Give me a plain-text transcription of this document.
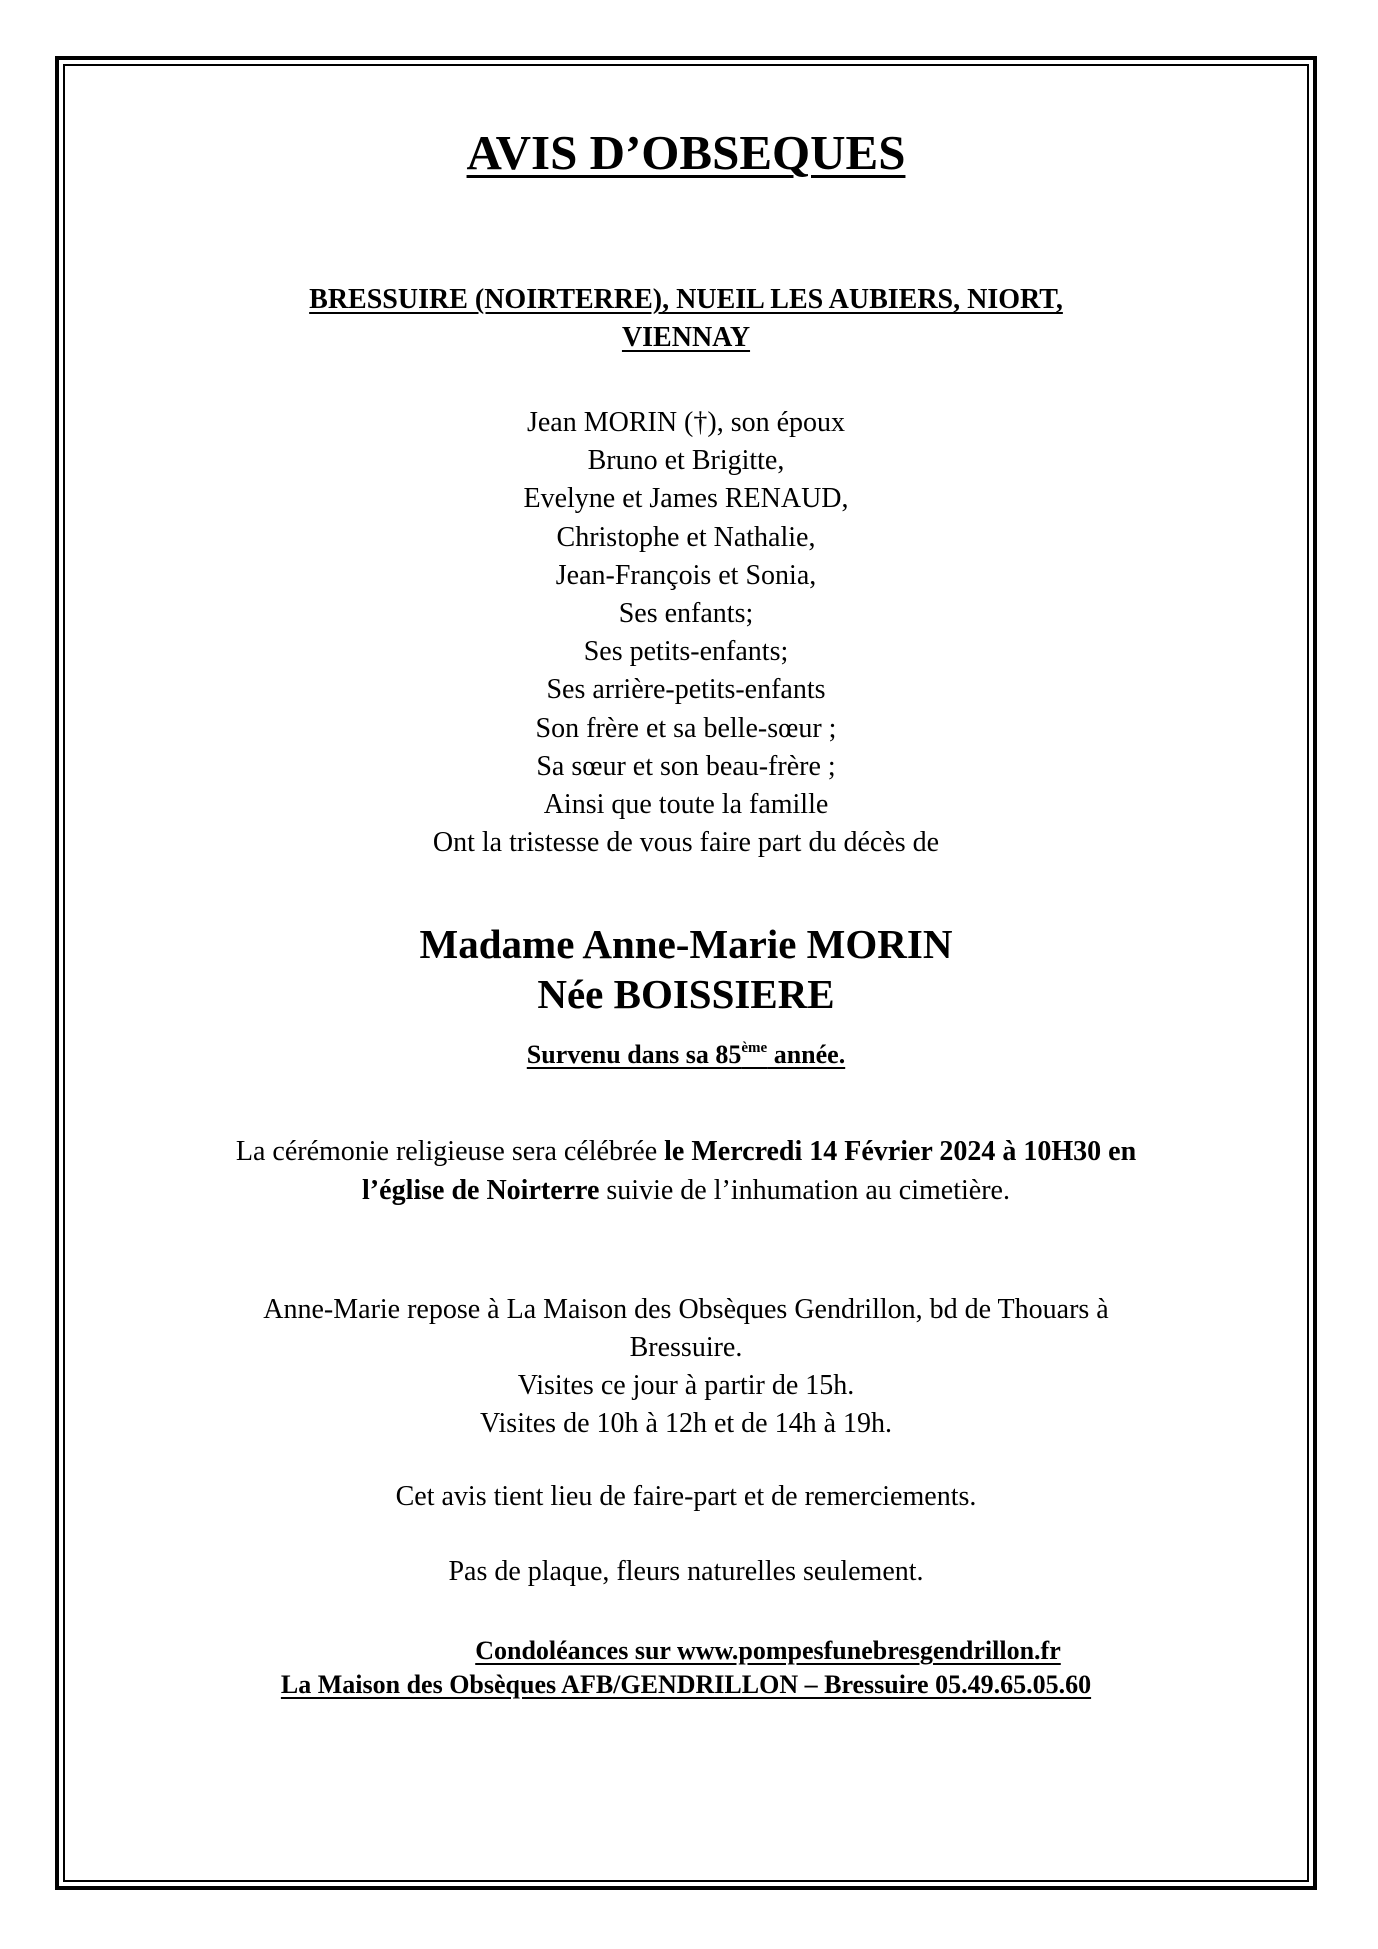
AVIS D’OBSEQUES
BRESSUIRE (NOIRTERRE), NUEIL LES AUBIERS, NIORT,
VIENNAY
Jean MORIN (†), son époux
Bruno et Brigitte,
Evelyne et James RENAUD,
Christophe et Nathalie,
Jean-François et Sonia,
Ses enfants;
Ses petits-enfants;
Ses arrière-petits-enfants
Son frère et sa belle-sœur ;
Sa sœur et son beau-frère ;
Ainsi que toute la famille
Ont la tristesse de vous faire part du décès de
Madame Anne-Marie MORIN
Née BOISSIERE
Survenu dans sa 85ème année.
La cérémonie religieuse sera célébrée le Mercredi 14 Février 2024 à 10H30 en
l’église de Noirterre suivie de l’inhumation au cimetière.
Anne-Marie repose à La Maison des Obsèques Gendrillon, bd de Thouars à
Bressuire.
Visites ce jour à partir de 15h.
Visites de 10h à 12h et de 14h à 19h.
Cet avis tient lieu de faire-part et de remerciements.
Pas de plaque, fleurs naturelles seulement.
Condoléances sur www.pompesfunebresgendrillon.fr
La Maison des Obsèques AFB/GENDRILLON – Bressuire 05.49.65.05.60
